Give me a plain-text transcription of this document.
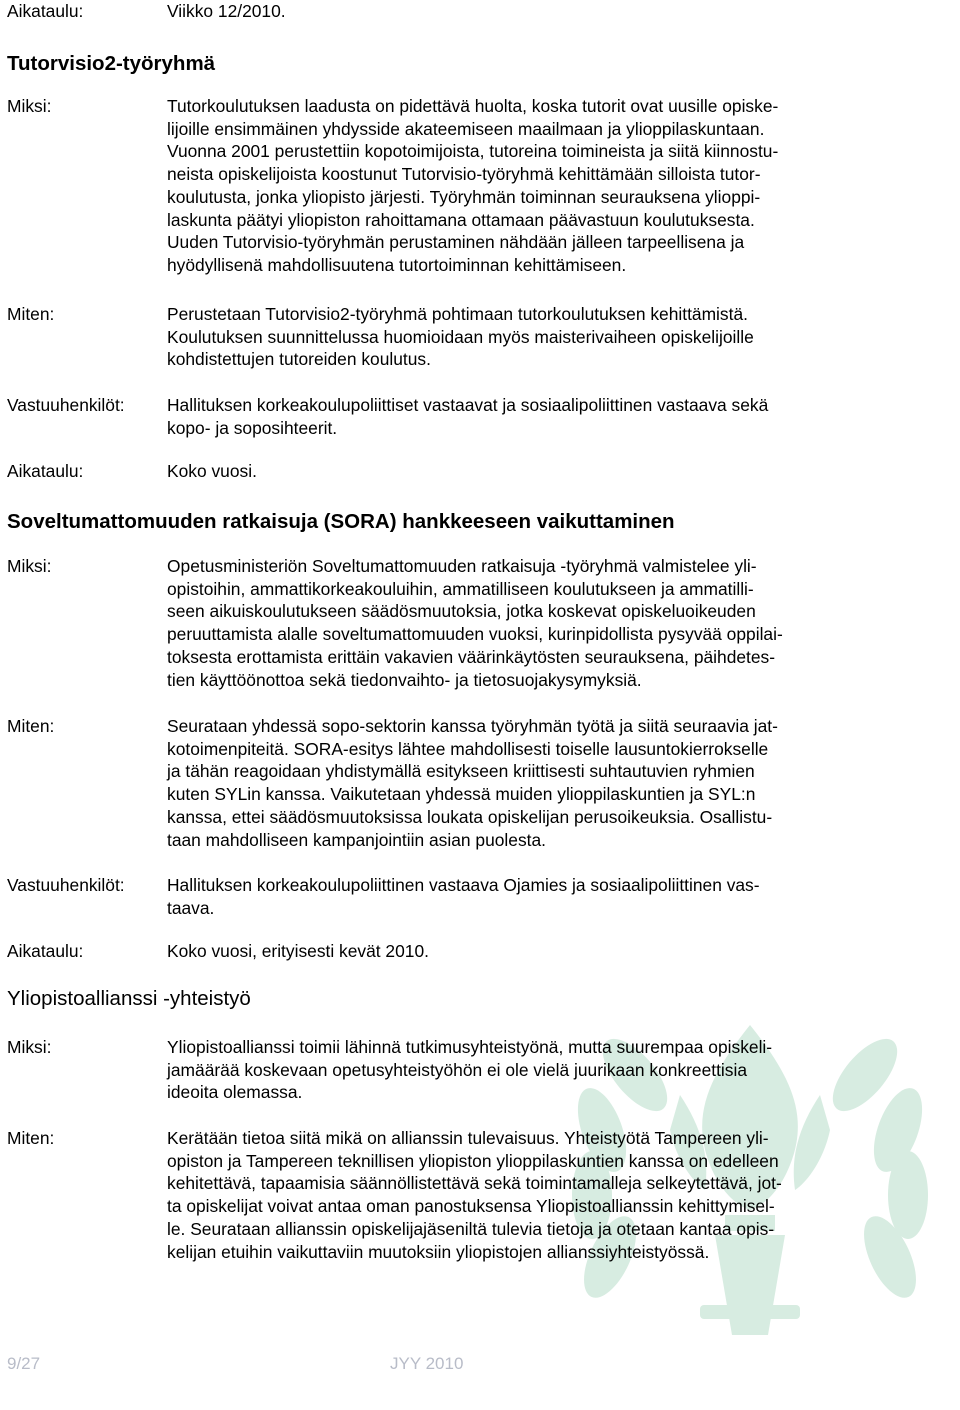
Aikataulu:	Viikko 12/2010.
Tutorvisio2-työryhmä
Miksi:	Tutorkoulutuksen laadusta on pidettävä huolta, koska tutorit ovat uusille opiske-
lijoille ensimmäinen yhdysside akateemiseen maailmaan ja ylioppilaskuntaan.
Vuonna 2001 perustettiin kopotoimijoista, tutoreina toimineista ja siitä kiinnostu-
neista opiskelijoista koostunut Tutorvisio-työryhmä kehittämään silloista tutor-
koulutusta, jonka yliopisto järjesti. Työryhmän toiminnan seurauksena ylioppi-
laskunta päätyi yliopiston rahoittamana ottamaan päävastuun koulutuksesta.
Uuden Tutorvisio-työryhmän perustaminen nähdään jälleen tarpeellisena ja
hyödyllisenä mahdollisuutena tutortoiminnan kehittämiseen.
Miten:	Perustetaan Tutorvisio2-työryhmä pohtimaan tutorkoulutuksen kehittämistä.
Koulutuksen suunnittelussa huomioidaan myös maisterivaiheen opiskelijoille
kohdistettujen tutoreiden koulutus.
Vastuuhenkilöt:	Hallituksen korkeakoulupoliittiset vastaavat ja sosiaalipoliittinen vastaava sekä
kopo- ja soposihteerit.
Aikataulu:	Koko vuosi.
Soveltumattomuuden ratkaisuja (SORA) hankkeeseen vaikuttaminen
Miksi:	Opetusministeriön Soveltumattomuuden ratkaisuja -työryhmä valmistelee yli-
opistoihin, ammattikorkeakouluihin, ammatilliseen koulutukseen ja ammatilli-
seen aikuiskoulutukseen säädösmuutoksia, jotka koskevat opiskeluoikeuden
peruuttamista alalle soveltumattomuuden vuoksi, kurinpidollista pysyvää oppilai-
toksesta erottamista erittäin vakavien väärinkäytösten seurauksena, päihdetes-
tien käyttöönottoa sekä tiedonvaihto- ja tietosuojakysymyksiä.
Miten:	Seurataan yhdessä sopo-sektorin kanssa työryhmän työtä ja siitä seuraavia jat-
kotoimenpiteitä. SORA-esitys lähtee mahdollisesti toiselle lausuntokierrokselle
ja tähän reagoidaan yhdistymällä esitykseen kriittisesti suhtautuvien ryhmien
kuten SYLin kanssa. Vaikutetaan yhdessä muiden ylioppilaskuntien ja SYL:n
kanssa, ettei säädösmuutoksissa loukata opiskelijan perusoikeuksia. Osallistu-
taan mahdolliseen kampanjointiin asian puolesta.
Vastuuhenkilöt:	Hallituksen korkeakoulupoliittinen vastaava Ojamies ja sosiaalipoliittinen vas-
taava.
Aikataulu:	Koko vuosi, erityisesti kevät 2010.
Yliopistoallianssi -yhteistyö
Miksi:	Yliopistoallianssi toimii lähinnä tutkimusyhteistyönä, mutta suurempaa opiskeli-
jamäärää koskevaan opetusyhteistyöhön ei ole vielä juurikaan konkreettisia
ideoita olemassa.
Miten:	Kerätään tietoa siitä mikä on allianssin tulevaisuus. Yhteistyötä Tampereen yli-
opiston ja Tampereen teknillisen yliopiston ylioppilaskuntien kanssa on edelleen
kehitettävä, tapaamisia säännöllistettävä sekä toimintamalleja selkeytettävä, jot-
ta opiskelijat voivat antaa oman panostuksensa Yliopistoallianssin kehittymisel-
le. Seurataan allianssin opiskelijajäseniltä tulevia tietoja ja otetaan kantaa opis-
kelijan etuihin vaikuttaviin muutoksiin yliopistojen allianssiyhteistyössä.
9/27	JYY 2010
